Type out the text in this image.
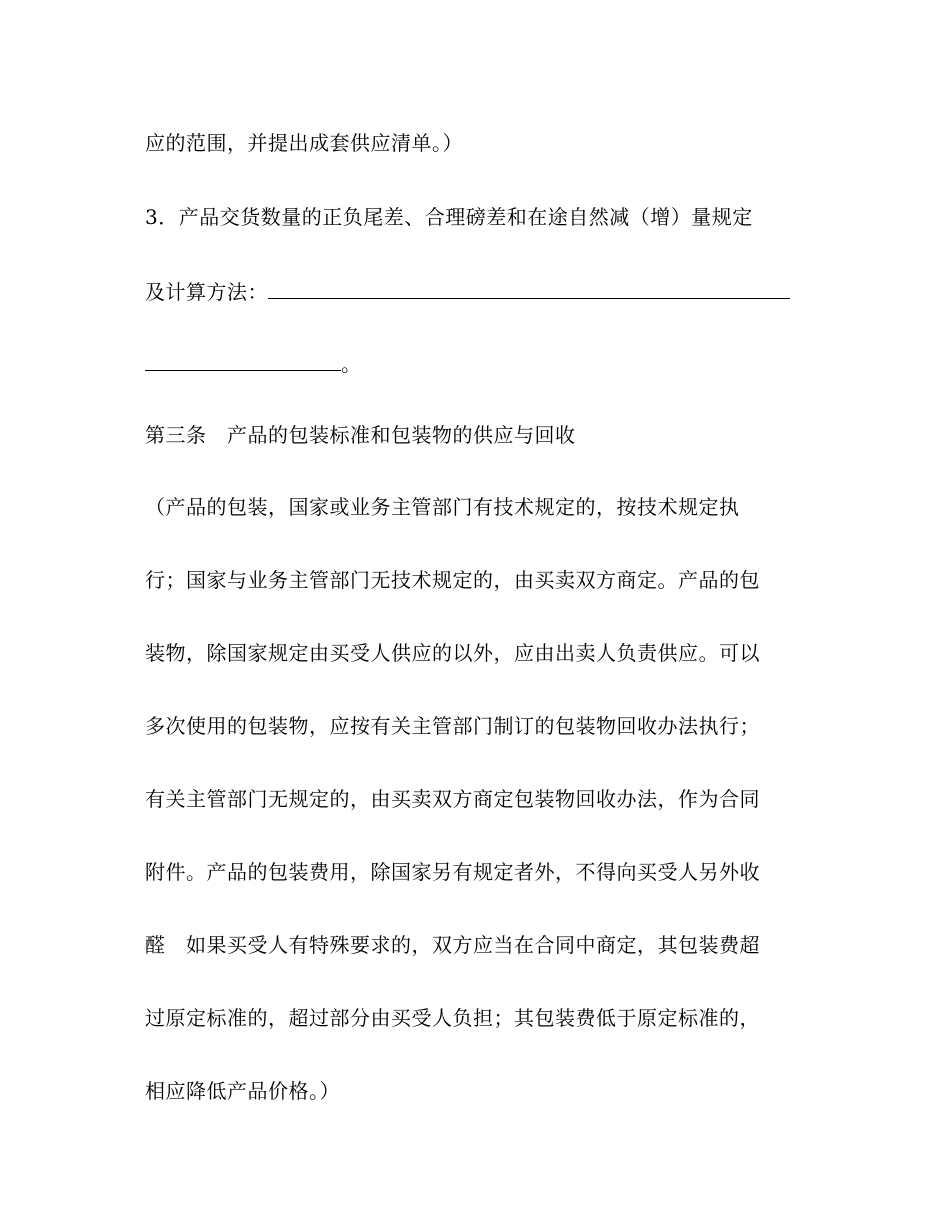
应的范围，并提出成套供应清单。）
3．产品交货数量的正负尾差、合理磅差和在途自然减（增）量规定
及计算方法：
。
第三条　产品的包装标准和包装物的供应与回收
（产品的包装，国家或业务主管部门有技术规定的，按技术规定执
行；国家与业务主管部门无技术规定的，由买卖双方商定。产品的包
装物，除国家规定由买受人供应的以外，应由出卖人负责供应。可以
多次使用的包装物，应按有关主管部门制订的包装物回收办法执行；
有关主管部门无规定的，由买卖双方商定包装物回收办法，作为合同
附件。产品的包装费用，除国家另有规定者外，不得向买受人另外收
醛　如果买受人有特殊要求的，双方应当在合同中商定，其包装费超
过原定标准的，超过部分由买受人负担；其包装费低于原定标准的，
相应降低产品价格。）
